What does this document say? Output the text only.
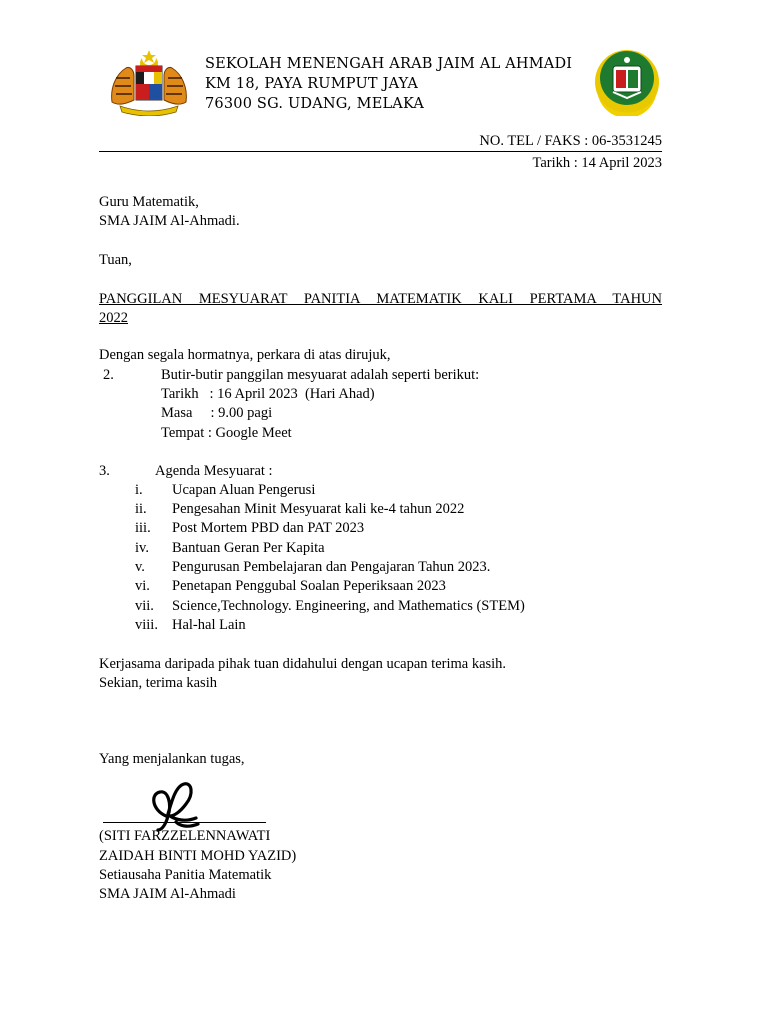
SEKOLAH MENENGAH ARAB JAIM AL AHMADI
KM 18, PAYA RUMPUT JAYA
76300 SG. UDANG, MELAKA
NO. TEL / FAKS : 06-3531245
Tarikh : 14 April 2023
Guru Matematik,
SMA JAIM Al-Ahmadi.
Tuan,
PANGGILAN MESYUARAT PANITIA MATEMATIK KALI PERTAMA TAHUN
2022
Dengan segala hormatnya, perkara di atas dirujuk,
2.	Butir-butir panggilan mesyuarat adalah seperti berikut:
Tarikh   : 16 April 2023  (Hari Ahad)
Masa     : 9.00 pagi
Tempat : Google Meet
3.	Agenda Mesyuarat :
i.	Ucapan Aluan Pengerusi
ii.	Pengesahan Minit Mesyuarat kali ke-4 tahun 2022
iii.	Post Mortem PBD dan PAT 2023
iv.	Bantuan Geran Per Kapita
v.	Pengurusan Pembelajaran dan Pengajaran Tahun 2023.
vi.	Penetapan Penggubal Soalan Peperiksaan 2023
vii.	Science,Technology. Engineering, and Mathematics (STEM)
viii. Hal-hal Lain
Kerjasama daripada pihak tuan didahului dengan ucapan terima kasih.
Sekian, terima kasih
Yang menjalankan tugas,
(SITI FARZZELENNAWATI
ZAIDAH BINTI MOHD YAZID)
Setiausaha Panitia Matematik
SMA JAIM Al-Ahmadi
